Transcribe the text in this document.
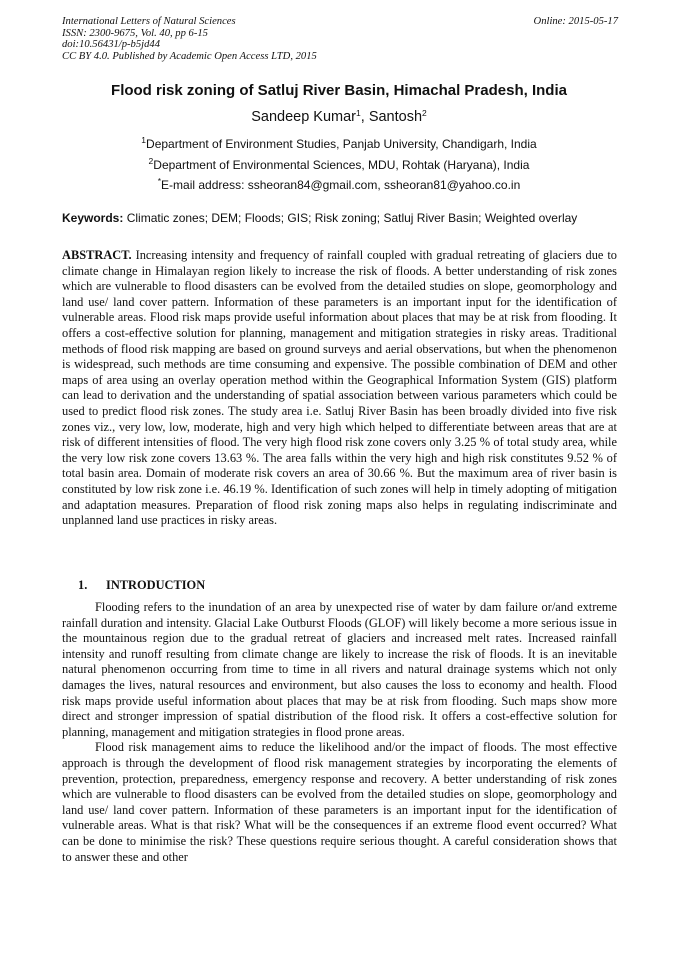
International Letters of Natural Sciences	Online: 2015-05-17
ISSN: 2300-9675, Vol. 40, pp 6-15
doi:10.56431/p-b5jd44
CC BY 4.0. Published by Academic Open Access LTD, 2015
Flood risk zoning of Satluj River Basin, Himachal Pradesh, India
Sandeep Kumar$^1$, Santosh$^2$
$^1$Department of Environment Studies, Panjab University, Chandigarh, India
$^2$Department of Environmental Sciences, MDU, Rohtak (Haryana), India
*E-mail address: ssheoran84@gmail.com, ssheoran81@yahoo.co.in
Keywords: Climatic zones; DEM; Floods; GIS; Risk zoning; Satluj River Basin; Weighted overlay

ABSTRACT. Increasing intensity and frequency of rainfall coupled with gradual retreating of glaciers due to climate change in Himalayan region likely to increase the risk of floods. A better understanding of risk zones which are vulnerable to flood disasters can be evolved from the detailed studies on slope, geomorphology and land use/ land cover pattern. Information of these parameters is an important input for the identification of vulnerable areas. Flood risk maps provide useful information about places that may be at risk from flooding. It offers a cost-effective solution for planning, management and mitigation strategies in risky areas. Traditional methods of flood risk mapping are based on ground surveys and aerial observations, but when the phenomenon is widespread, such methods are time consuming and expensive. The possible combination of DEM and other maps of area using an overlay operation method within the Geographical Information System (GIS) platform can lead to derivation and the understanding of spatial association between various parameters which could be used to predict flood risk zones. The study area i.e. Satluj River Basin has been broadly divided into five risk zones viz., very low, low, moderate, high and very high which helped to differentiate between areas that are at risk of different intensities of flood. The very high flood risk zone covers only 3.25 % of total study area, while the very low risk zone covers 13.63 %. The area falls within the very high and high risk constitutes 9.52 % of total basin area. Domain of moderate risk covers an area of 30.66 %. But the maximum area of river basin is constituted by low risk zone i.e. 46.19 %. Identification of such zones will help in timely adopting of mitigation and adaptation measures. Preparation of flood risk zoning maps also helps in regulating indiscriminate and unplanned land use practices in risky areas.

1. INTRODUCTION

Flooding refers to the inundation of an area by unexpected rise of water by dam failure or/and extreme rainfall duration and intensity. Glacial Lake Outburst Floods (GLOF) will likely become a more serious issue in the mountainous region due to the gradual retreat of glaciers and increased melt rates. Increased rainfall intensity and runoff resulting from climate change are likely to increase the risk of floods. It is an inevitable natural phenomenon occurring from time to time in all rivers and natural drainage systems which not only damages the lives, natural resources and environment, but also causes the loss to economy and health. Flood risk maps provide useful information about places that may be at risk from flooding. Such maps show more direct and stronger impression of spatial distribution of the flood risk. It offers a cost-effective solution for planning, management and mitigation strategies in flood prone areas.

Flood risk management aims to reduce the likelihood and/or the impact of floods. The most effective approach is through the development of flood risk management strategies by incorporating the elements of prevention, protection, preparedness, emergency response and recovery. A better understanding of risk zones which are vulnerable to flood disasters can be evolved from the detailed studies on slope, geomorphology and land use/ land cover pattern. Information of these parameters is an important input for the identification of vulnerable areas. What is that risk? What will be the consequences if an extreme flood event occurred? What can be done to minimise the risk? These questions require serious thought. A careful consideration shows that to answer these and other
